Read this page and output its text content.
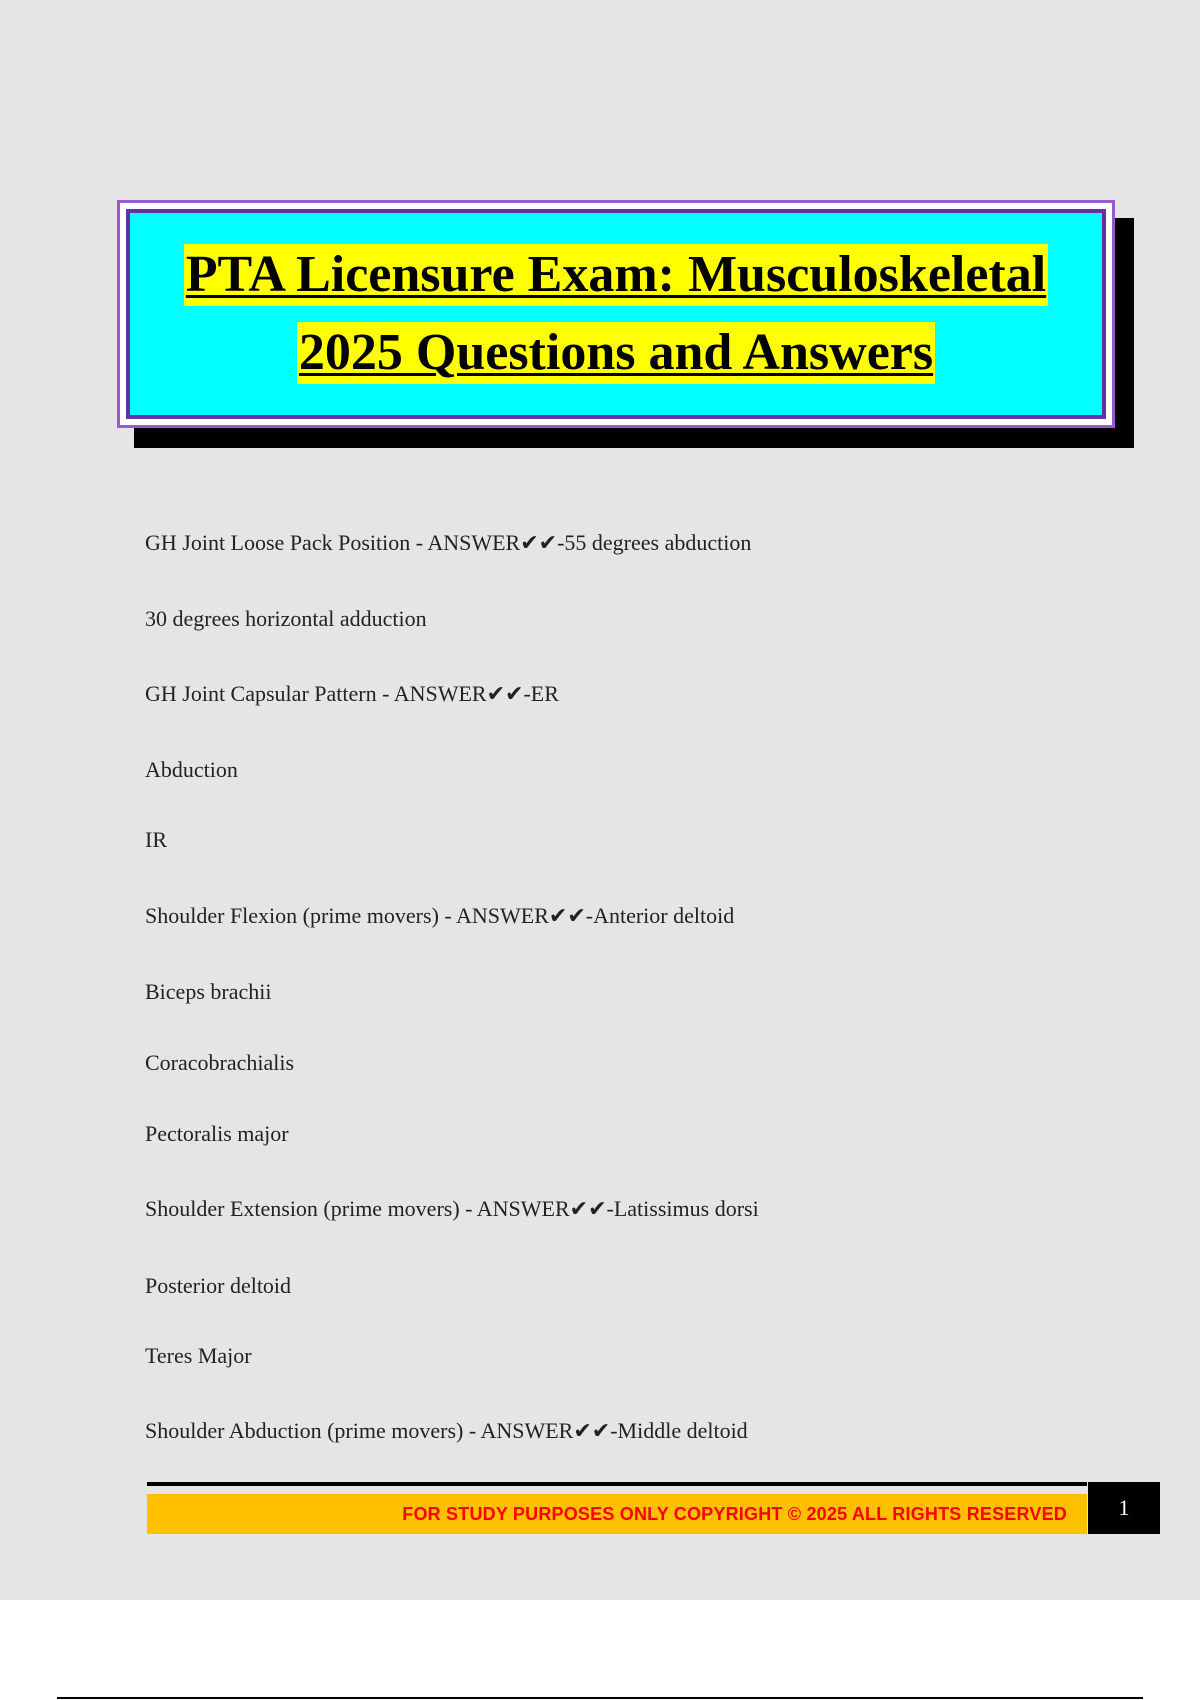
PTA Licensure Exam: Musculoskeletal
2025 Questions and Answers
GH Joint Loose Pack Position - ANSWER✔✔-55 degrees abduction
30 degrees horizontal adduction
GH Joint Capsular Pattern - ANSWER✔✔-ER
Abduction
IR
Shoulder Flexion (prime movers) - ANSWER✔✔-Anterior deltoid
Biceps brachii
Coracobrachialis
Pectoralis major
Shoulder Extension (prime movers) - ANSWER✔✔-Latissimus dorsi
Posterior deltoid
Teres Major
Shoulder Abduction (prime movers) - ANSWER✔✔-Middle deltoid
FOR STUDY PURPOSES ONLY COPYRIGHT © 2025 ALL RIGHTS RESERVED 1
